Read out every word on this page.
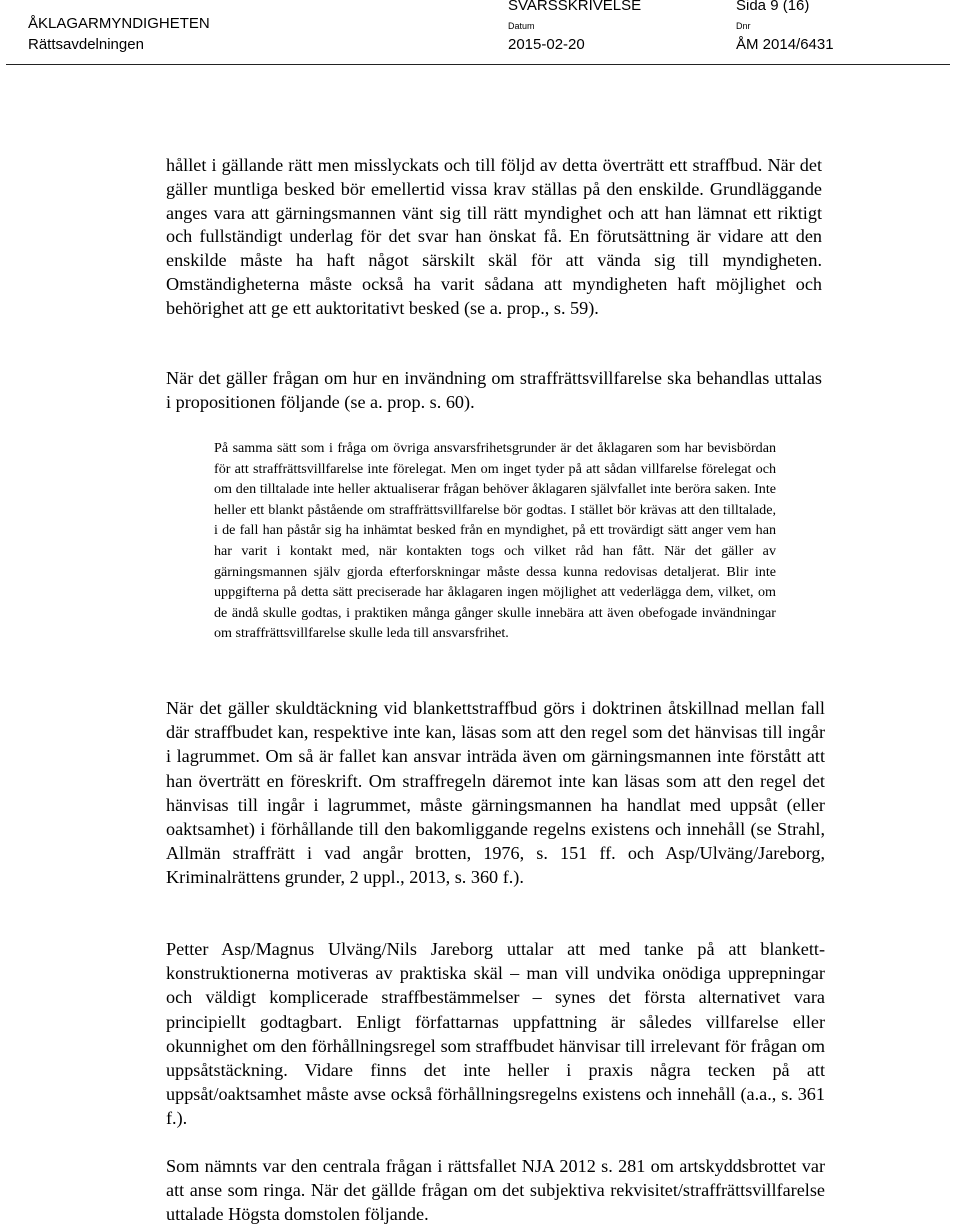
ÅKLAGARMYNDIGHETEN
Rättsavdelningen
SVARSSKRIVELSE	Sida 9 (16)
Datum
2015-02-20
Dnr
ÅM 2014/6431

hållet i gällande rätt men misslyckats och till följd av detta överträtt ett straffbud. När det gäller muntliga besked bör emellertid vissa krav ställas på den enskilde. Grundläggande anges vara att gärningsmannen vänt sig till rätt myndighet och att han lämnat ett riktigt och fullständigt underlag för det svar han önskat få. En förutsättning är vidare att den enskilde måste ha haft något särskilt skäl för att vända sig till myndigheten. Omständigheterna måste också ha varit sådana att myndigheten haft möjlighet och behörighet att ge ett auktoritativt besked (se a. prop., s. 59).

När det gäller frågan om hur en invändning om straffrättsvillfarelse ska behandlas uttalas i propositionen följande (se a. prop. s. 60).

På samma sätt som i fråga om övriga ansvarsfrihetsgrunder är det åklagaren som har bevisbördan för att straffrättsvillfarelse inte förelegat. Men om inget tyder på att sådan villfarelse förelegat och om den tilltalade inte heller aktualiserar frågan behöver åklagaren självfallet inte beröra saken. Inte heller ett blankt påstående om straffrättsvillfarelse bör godtas. I stället bör krävas att den tilltalade, i de fall han påstår sig ha inhämtat besked från en myndighet, på ett trovärdigt sätt anger vem han har varit i kontakt med, när kontakten togs och vilket råd han fått. När det gäller av gärningsmannen själv gjorda efterforskningar måste dessa kunna redovisas detaljerat. Blir inte uppgifterna på detta sätt preciserade har åklagaren ingen möjlighet att vederlägga dem, vilket, om de ändå skulle godtas, i praktiken många gånger skulle innebära att även obefogade invändningar om straffrättsvillfarelse skulle leda till ansvarsfrihet.

När det gäller skuldtäckning vid blankettstraffbud görs i doktrinen åtskillnad mellan fall där straffbudet kan, respektive inte kan, läsas som att den regel som det hänvisas till ingår i lagrummet. Om så är fallet kan ansvar inträda även om gärningsmannen inte förstått att han överträtt en föreskrift. Om straffregeln däremot inte kan läsas som att den regel det hänvisas till ingår i lagrummet, måste gärningsmannen ha handlat med uppsåt (eller oaktsamhet) i förhållande till den bakomliggande regelns existens och innehåll (se Strahl, Allmän straffrätt i vad angår brotten, 1976, s. 151 ff. och Asp/Ulväng/Jareborg, Kriminalrättens grunder, 2 uppl., 2013, s. 360 f.).

Petter Asp/Magnus Ulväng/Nils Jareborg uttalar att med tanke på att blankettkonstruktionerna motiveras av praktiska skäl – man vill undvika onödiga upprepningar och väldigt komplicerade straffbestämmelser – synes det första alternativet vara principiellt godtagbart. Enligt författarnas uppfattning är således villfarelse eller okunnighet om den förhållningsregel som straffbudet hänvisar till irrelevant för frågan om uppsåtstäckning. Vidare finns det inte heller i praxis några tecken på att uppsåt/oaktsamhet måste avse också förhållningsregelns existens och innehåll (a.a., s. 361 f.).

Som nämnts var den centrala frågan i rättsfallet NJA 2012 s. 281 om artskyddsbrottet var att anse som ringa. När det gällde frågan om det subjektiva rekvisitet/straffrättsvillfarelse uttalade Högsta domstolen följande.
